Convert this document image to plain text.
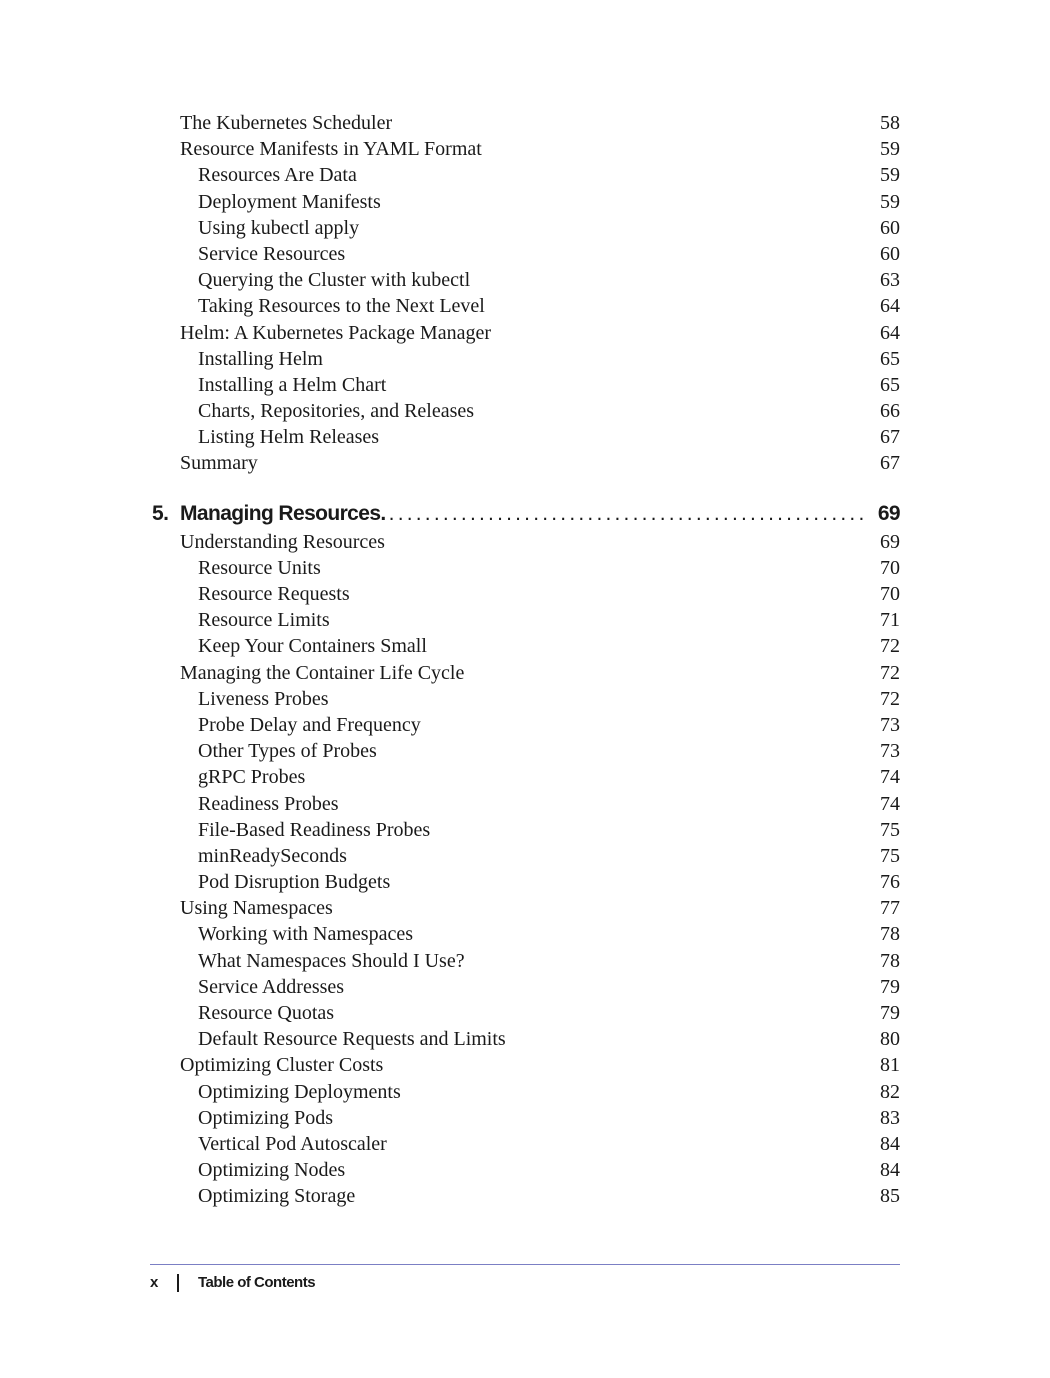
The Kubernetes Scheduler	58
Resource Manifests in YAML Format	59
Resources Are Data	59
Deployment Manifests	59
Using kubectl apply	60
Service Resources	60
Querying the Cluster with kubectl	63
Taking Resources to the Next Level	64
Helm: A Kubernetes Package Manager	64
Installing Helm	65
Installing a Helm Chart	65
Charts, Repositories, and Releases	66
Listing Helm Releases	67
Summary	67
5. Managing Resources. ..................................................... 69
Understanding Resources	69
Resource Units	70
Resource Requests	70
Resource Limits	71
Keep Your Containers Small	72
Managing the Container Life Cycle	72
Liveness Probes	72
Probe Delay and Frequency	73
Other Types of Probes	73
gRPC Probes	74
Readiness Probes	74
File-Based Readiness Probes	75
minReadySeconds	75
Pod Disruption Budgets	76
Using Namespaces	77
Working with Namespaces	78
What Namespaces Should I Use?	78
Service Addresses	79
Resource Quotas	79
Default Resource Requests and Limits	80
Optimizing Cluster Costs	81
Optimizing Deployments	82
Optimizing Pods	83
Vertical Pod Autoscaler	84
Optimizing Nodes	84
Optimizing Storage	85
x	Table of Contents
